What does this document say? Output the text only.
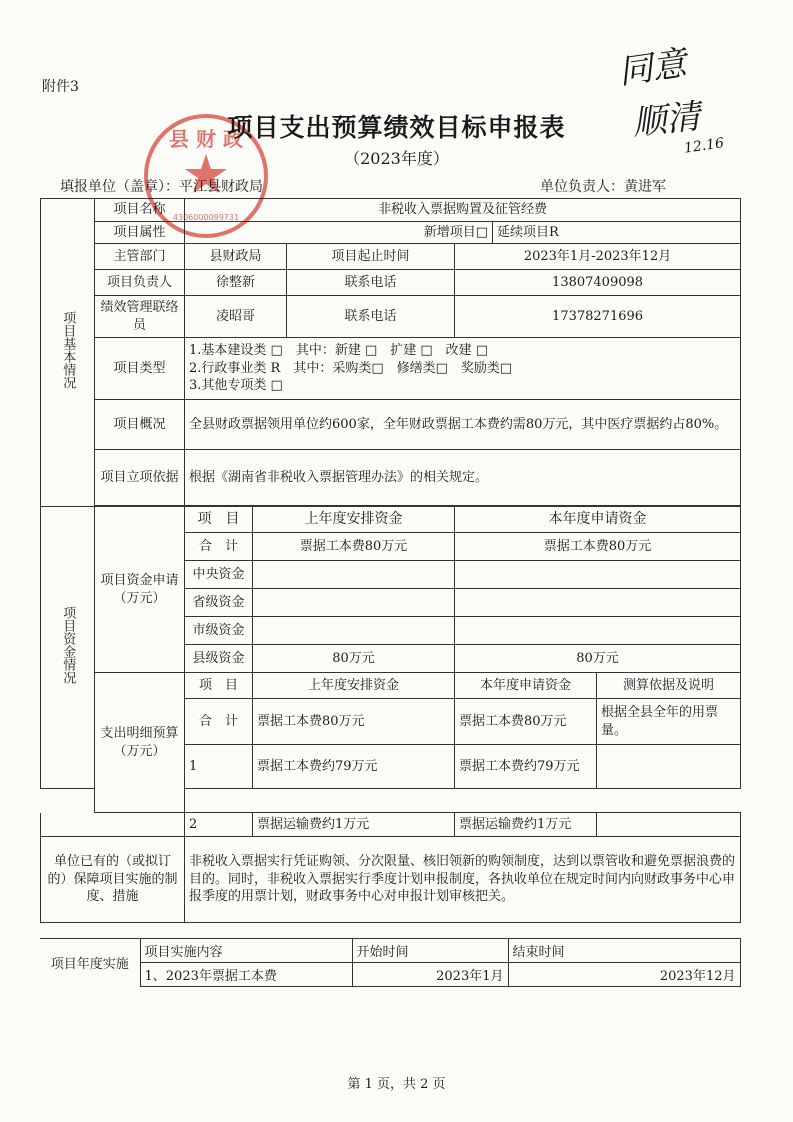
附件3
县 财 政
4306000099731
项目支出预算绩效目标申报表
（2023年度）
同意
顺清
12.16
填报单位（盖章）：平江县财政局	单位负责人：黄进军
项目基本情况	项目名称	非税收入票据购置及征管经费					
	项目属性	新增项目□				延续项目R	
	主管部门	县财政局		项目起止时间	2023年1月-2023年12月		
	项目负责人	徐整新		联系电话	13807409098		
	绩效管理联络员	凌昭哥		联系电话	17378271696		
	项目类型	1.基本建设类 □　其中：新建 □　扩建 □　改建 □
2.行政事业类 R　其中：采购类□　修缮类□　奖励类□
3.其他专项类 □					

	项目概况	全县财政票据领用单位约600家，全年财政票据工本费约需80万元，其中医疗票据约占80%。					
	项目立项依据	根据《湖南省非税收入票据管理办法》的相关规定。					

项目资金情况	项目资金申请（万元）	项　目	上年度安排资金		本年度申请资金		
		合　计	票据工本费80万元		票据工本费80万元		
		中央资金					
		省级资金					
		市级资金					
		县级资金	80万元		80万元		
	支出明细预算（万元）	项　目	上年度安排资金		本年度申请资金		测算依据及说明
		合　计	票据工本费80万元		票据工本费80万元		根据全县全年的用票量。
		1	票据工本费约79万元		票据工本费约79万元		

		2	票据运输费约1万元		票据运输费约1万元		
单位已有的（或拟订的）保障项目实施的制度、措施		非税收入票据实行凭证购领、分次限量、核旧领新的购领制度，达到以票管收和避免票据浪费的目的。同时，非税收入票据实行季度计划申报制度，各执收单位在规定时间内向财政事务中心申报季度的用票计划，财政事务中心对申报计划审核把关。					
项目年度实施	项目实施内容	开始时间	结束时间
	1、2023年票据工本费	2023年1月	2023年12月
第 1 页，共 2 页
